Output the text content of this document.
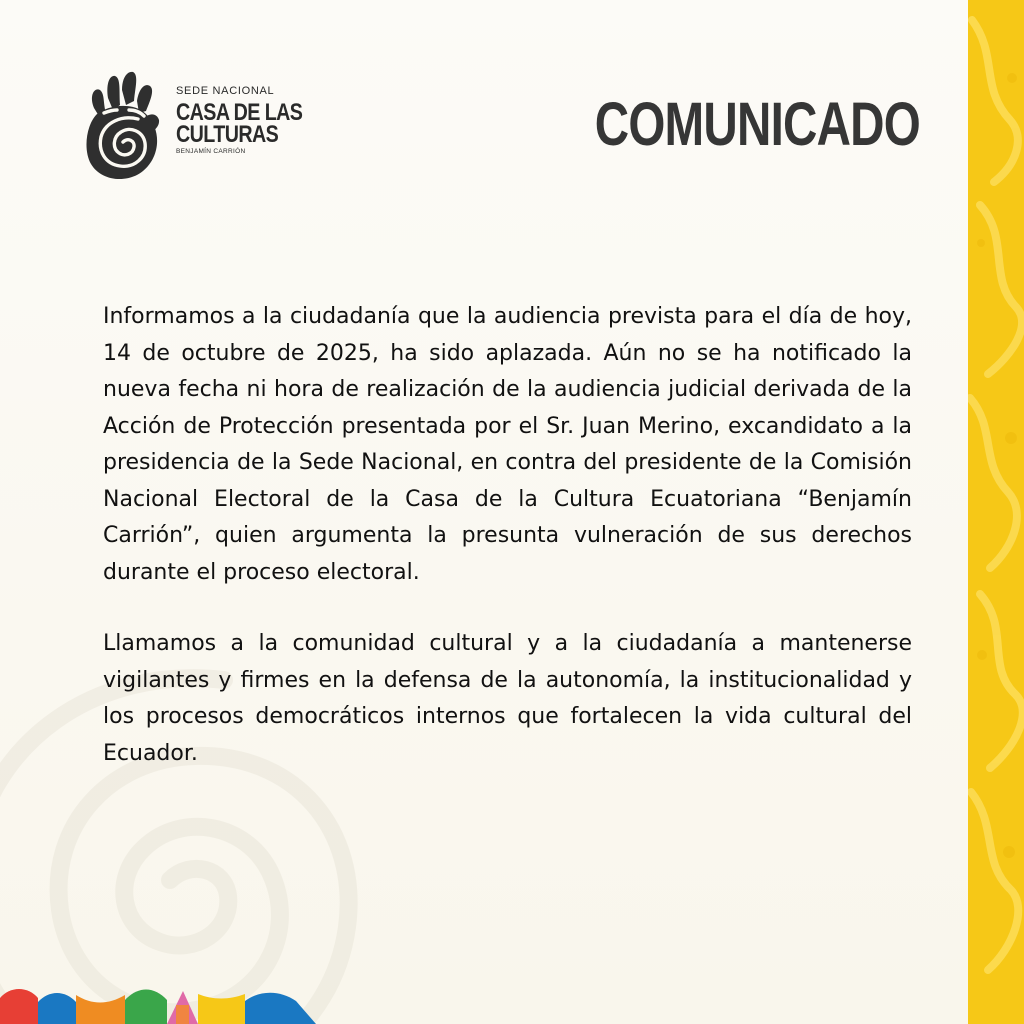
SEDE NACIONAL
CASA DE LAS
CULTURAS
BENJAMÍN CARRIÓN	COMUNICADO

Informamos a la ciudadanía que la audiencia prevista para el día de hoy, 14 de octubre de 2025, ha sido aplazada. Aún no se ha notificado la nueva fecha ni hora de realización de la audiencia judicial derivada de la Acción de Protección presentada por el Sr. Juan Merino, excandidato a la presidencia de la Sede Nacional, en contra del presidente de la Comisión Nacional Electoral de la Casa de la Cultura Ecuatoriana “Benjamín Carrión”, quien argumenta la presunta vulneración de sus derechos durante el proceso electoral.

Llamamos a la comunidad cultural y a la ciudadanía a mantenerse vigilantes y firmes en la defensa de la autonomía, la institucionalidad y los procesos democráticos internos que fortalecen la vida cultural del Ecuador.
